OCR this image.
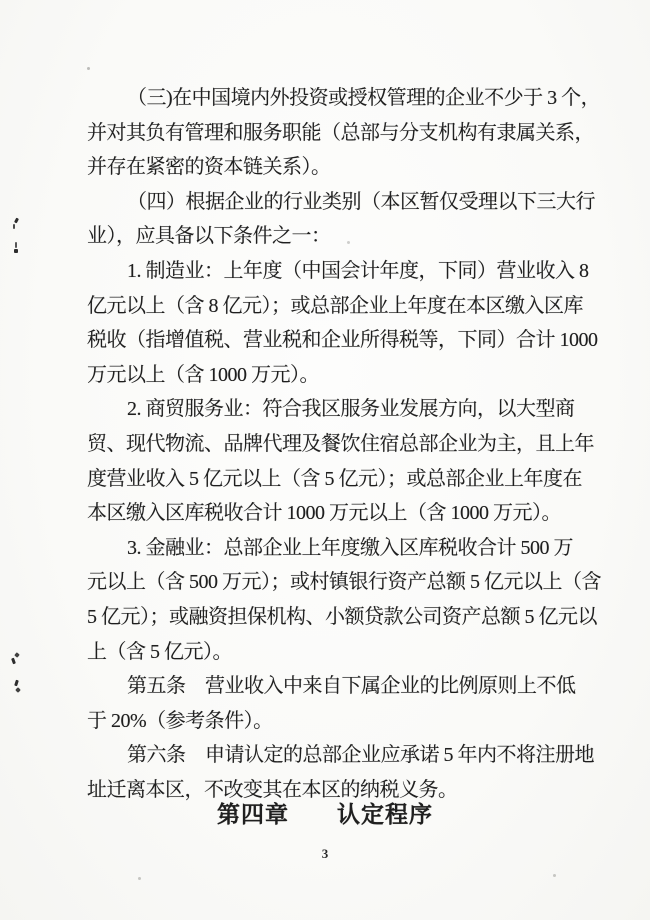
（三)在中国境内外投资或授权管理的企业不少于 3 个，
并对其负有管理和服务职能（总部与分支机构有隶属关系，
并存在紧密的资本链关系）。
（四）根据企业的行业类别（本区暂仅受理以下三大行
业），应具备以下条件之一：
1. 制造业：上年度（中国会计年度，下同）营业收入 8
亿元以上（含 8 亿元）；或总部企业上年度在本区缴入区库
税收（指增值税、营业税和企业所得税等，下同）合计 1000
万元以上（含 1000 万元）。
2. 商贸服务业：符合我区服务业发展方向，以大型商
贸、现代物流、品牌代理及餐饮住宿总部企业为主，且上年
度营业收入 5 亿元以上（含 5 亿元）；或总部企业上年度在
本区缴入区库税收合计 1000 万元以上（含 1000 万元）。
3. 金融业：总部企业上年度缴入区库税收合计 500 万
元以上（含 500 万元）；或村镇银行资产总额 5 亿元以上（含
5 亿元）；或融资担保机构、小额贷款公司资产总额 5 亿元以
上（含 5 亿元）。
第五条　营业收入中来自下属企业的比例原则上不低
于 20%（参考条件）。
第六条　申请认定的总部企业应承诺 5 年内不将注册地
址迁离本区，不改变其在本区的纳税义务。
第四章　　认定程序
3
